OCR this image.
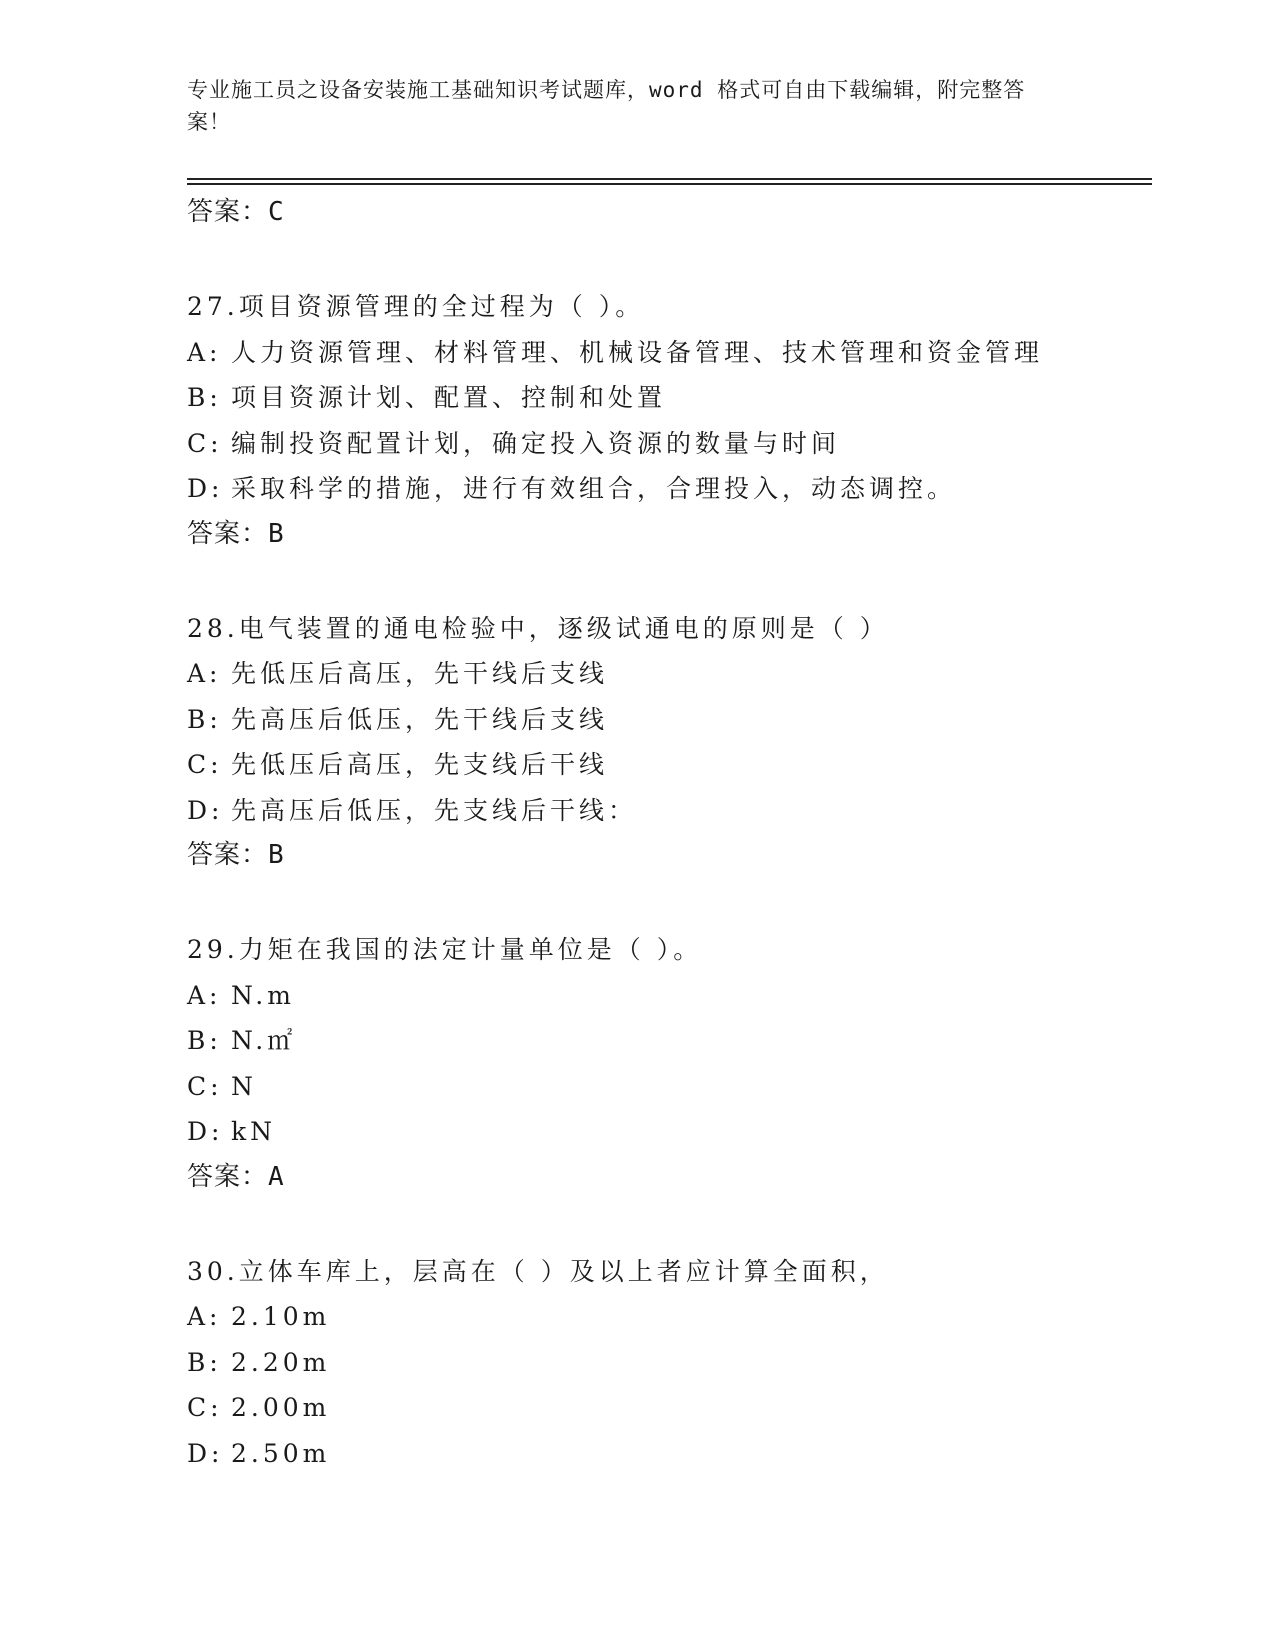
专业施工员之设备安装施工基础知识考试题库，word 格式可自由下载编辑，附完整答案！
答案：C
27.项目资源管理的全过程为（ ）。
A: 人力资源管理、材料管理、机械设备管理、技术管理和资金管理
B: 项目资源计划、配置、控制和处置
C: 编制投资配置计划，确定投入资源的数量与时间
D: 采取科学的措施，进行有效组合，合理投入，动态调控。
答案：B
28.电气装置的通电检验中，逐级试通电的原则是（ ）
A: 先低压后高压，先干线后支线
B: 先高压后低压，先干线后支线
C: 先低压后高压，先支线后干线
D: 先高压后低压，先支线后干线：
答案：B
29.力矩在我国的法定计量单位是（ ）。
A: N.m
B: N.㎡
C: N
D: kN
答案：A
30.立体车库上，层高在（ ）及以上者应计算全面积，
A: 2.10m
B: 2.20m
C: 2.00m
D: 2.50m
